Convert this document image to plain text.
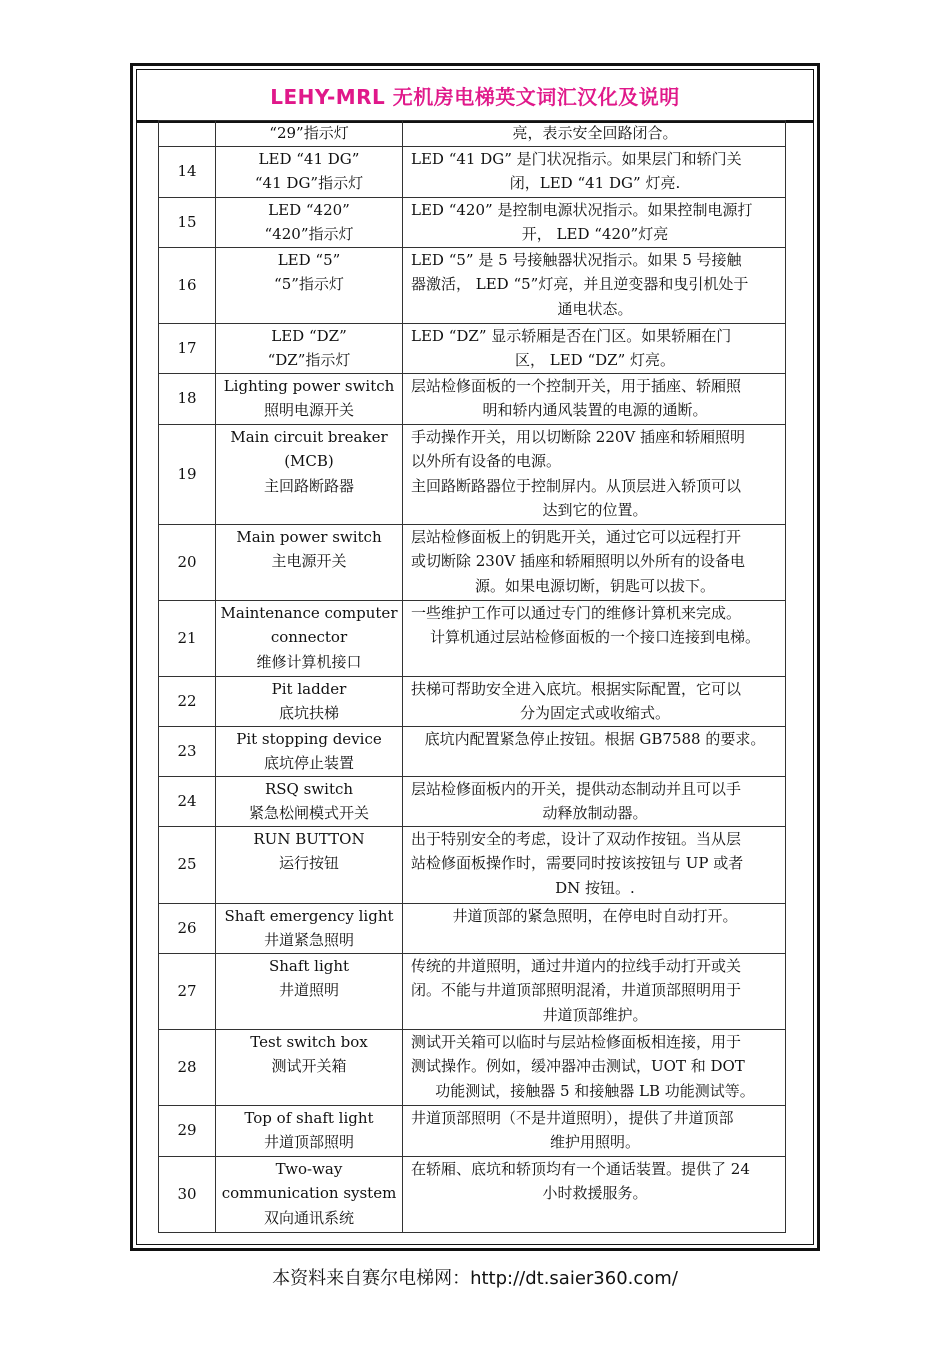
LEHY-MRL 无机房电梯英文词汇汉化及说明

	“29”指示灯	亮，表示安全回路闭合。

14	LED “41 DG”
“41 DG”指示灯	LED “41 DG” 是门状况指示。如果层门和轿门关
闭，LED “41 DG” 灯亮.

15	LED “420”
“420”指示灯	LED “420” 是控制电源状况指示。如果控制电源打
开， LED “420”灯亮

16	LED “5”
“5”指示灯	LED “5” 是 5 号接触器状况指示。如果 5 号接触
器激活， LED “5”灯亮，并且逆变器和曳引机处于
通电状态。

17	LED “DZ”
“DZ”指示灯	LED “DZ” 显示轿厢是否在门区。如果轿厢在门
区， LED “DZ” 灯亮。

18	Lighting power switch
照明电源开关	层站检修面板的一个控制开关，用于插座、轿厢照
明和轿内通风装置的电源的通断。

19	Main circuit breaker
(MCB)
主回路断路器	手动操作开关，用以切断除 220V 插座和轿厢照明
以外所有设备的电源。
主回路断路器位于控制屏内。从顶层进入轿顶可以
达到它的位置。

20	Main power switch
主电源开关	层站检修面板上的钥匙开关，通过它可以远程打开
或切断除 230V 插座和轿厢照明以外所有的设备电
源。如果电源切断，钥匙可以拔下。

21	Maintenance computer
connector
维修计算机接口	一些维护工作可以通过专门的维修计算机来完成。
计算机通过层站检修面板的一个接口连接到电梯。

22	Pit ladder
底坑扶梯	扶梯可帮助安全进入底坑。根据实际配置，它可以
分为固定式或收缩式。

23	Pit stopping device
底坑停止装置	底坑内配置紧急停止按钮。根据 GB7588 的要求。

24	RSQ switch
紧急松闸模式开关	层站检修面板内的开关，提供动态制动并且可以手
动释放制动器。

25	RUN BUTTON
运行按钮	出于特别安全的考虑，设计了双动作按钮。当从层
站检修面板操作时，需要同时按该按钮与 UP 或者
DN 按钮。.

26	Shaft emergency light
井道紧急照明	井道顶部的紧急照明，在停电时自动打开。

27	Shaft light
井道照明	传统的井道照明，通过井道内的拉线手动打开或关
闭。不能与井道顶部照明混淆，井道顶部照明用于
井道顶部维护。

28	Test switch box
测试开关箱	测试开关箱可以临时与层站检修面板相连接，用于
测试操作。例如，缓冲器冲击测试，UOT 和 DOT
功能测试，接触器 5 和接触器 LB 功能测试等。

29	Top of shaft light
井道顶部照明	井道顶部照明（不是井道照明），提供了井道顶部
维护用照明。

30	Two-way
communication system
双向通讯系统	在轿厢、底坑和轿顶均有一个通话装置。提供了 24
小时救援服务。
本资料来自赛尔电梯网：http://dt.saier360.com/
